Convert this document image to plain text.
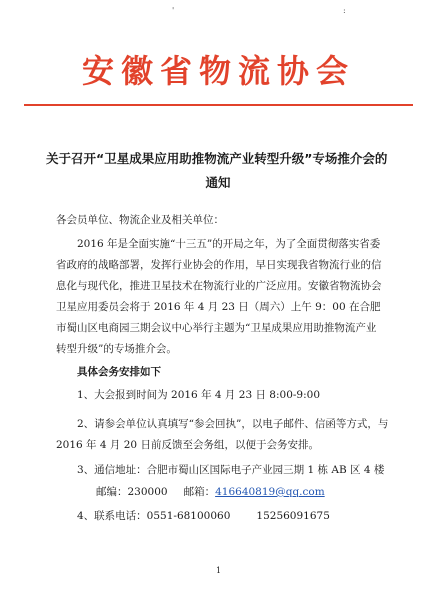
'	:
安徽省物流协会
关于召开“卫星成果应用助推物流产业转型升级”专场推介会的
通知
各会员单位、物流企业及相关单位：
2016 年是全面实施“十三五”的开局之年，为了全面贯彻落实省委省政府的战略部署，发挥行业协会的作用，早日实现我省物流行业的信息化与现代化，推进卫星技术在物流行业的广泛应用。安徽省物流协会
卫星应用委员会将于 2016 年 4 月 23 日（周六）上午 9：00 在合肥市蜀山区电商园三期会议中心举行主题为“卫星成果应用助推物流产业转型升级”的专场推介会。
具体会务安排如下
1、大会报到时间为 2016 年 4 月 23 日 8:00-9:00
2、请参会单位认真填写“参会回执”，以电子邮件、信函等方式，与 2016 年 4 月 20 日前反馈至会务组，以便于会务安排。
3、通信地址：合肥市蜀山区国际电子产业园三期 1 栋 AB 区 4 楼
邮编：230000 邮箱：416640819@qq.com
4、联系电话：0551-68100060 15256091675
1
